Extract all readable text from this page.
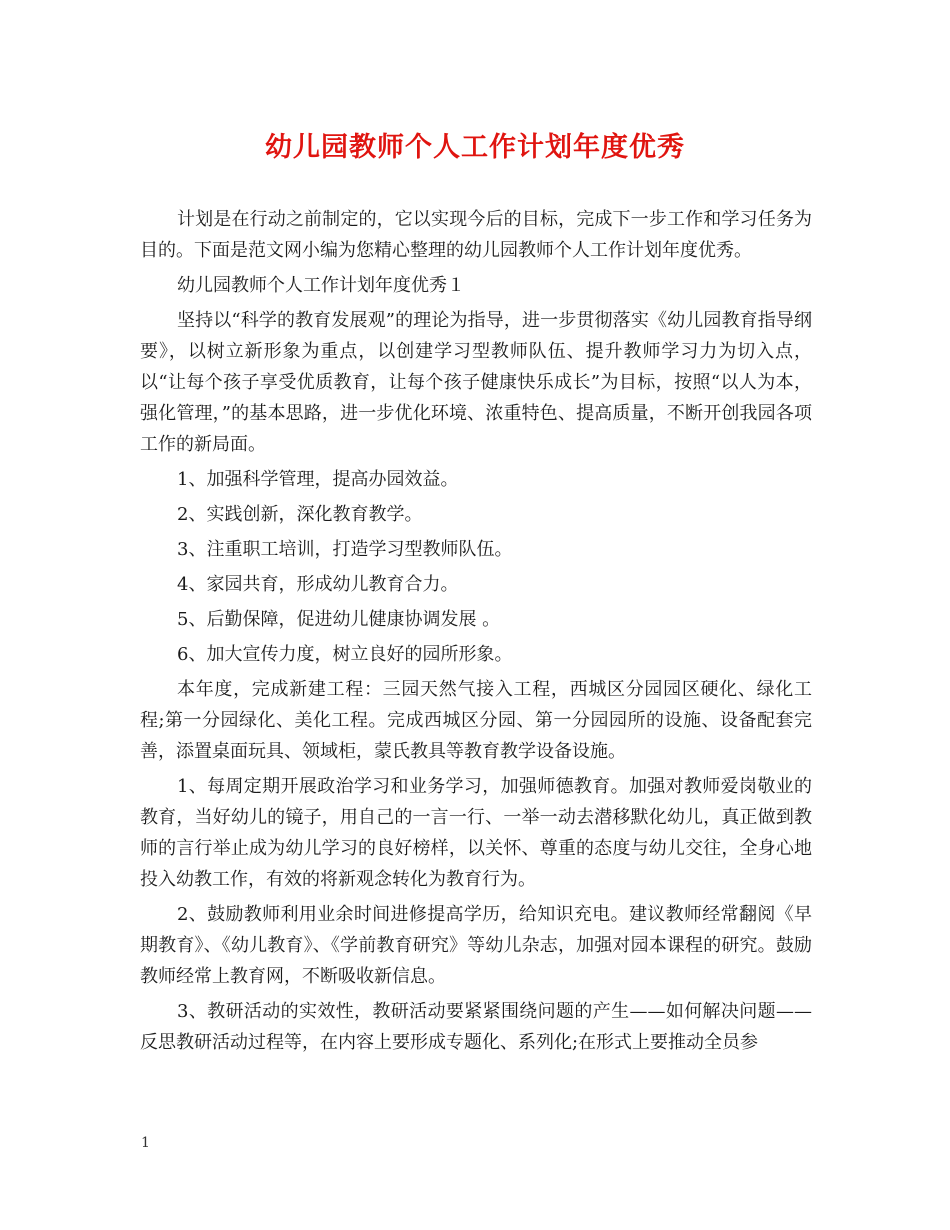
幼儿园教师个人工作计划年度优秀

计划是在行动之前制定的，它以实现今后的目标，完成下一步工作和学习任务为目的。下面是范文网小编为您精心整理的幼儿园教师个人工作计划年度优秀。

幼儿园教师个人工作计划年度优秀１

坚持以“科学的教育发展观”的理论为指导，进一步贯彻落实《幼儿园教育指导纲要》，以树立新形象为重点，以创建学习型教师队伍、提升教师学习力为切入点，以“让每个孩子享受优质教育，让每个孩子健康快乐成长”为目标，按照“以人为本，强化管理，”的基本思路，进一步优化环境、浓重特色、提高质量，不断开创我园各项工作的新局面。

1、加强科学管理，提高办园效益。

2、实践创新，深化教育教学。

3、注重职工培训，打造学习型教师队伍。

4、家园共育，形成幼儿教育合力。

5、后勤保障，促进幼儿健康协调发展 。

6、加大宣传力度，树立良好的园所形象。

本年度，完成新建工程：三园天然气接入工程，西城区分园园区硬化、绿化工程;第一分园绿化、美化工程。完成西城区分园、第一分园园所的设施、设备配套完善，添置桌面玩具、领域柜，蒙氏教具等教育教学设备设施。

1、每周定期开展政治学习和业务学习，加强师德教育。加强对教师爱岗敬业的教育，当好幼儿的镜子，用自己的一言一行、一举一动去潜移默化幼儿，真正做到教师的言行举止成为幼儿学习的良好榜样，以关怀、尊重的态度与幼儿交往，全身心地投入幼教工作，有效的将新观念转化为教育行为。

2、鼓励教师利用业余时间进修提高学历，给知识充电。建议教师经常翻阅《早期教育》、《幼儿教育》、《学前教育研究》等幼儿杂志，加强对园本课程的研究。鼓励教师经常上教育网，不断吸收新信息。

3、教研活动的实效性，教研活动要紧紧围绕问题的产生——如何解决问题——反思教研活动过程等，在内容上要形成专题化、系列化;在形式上要推动全员参

1
